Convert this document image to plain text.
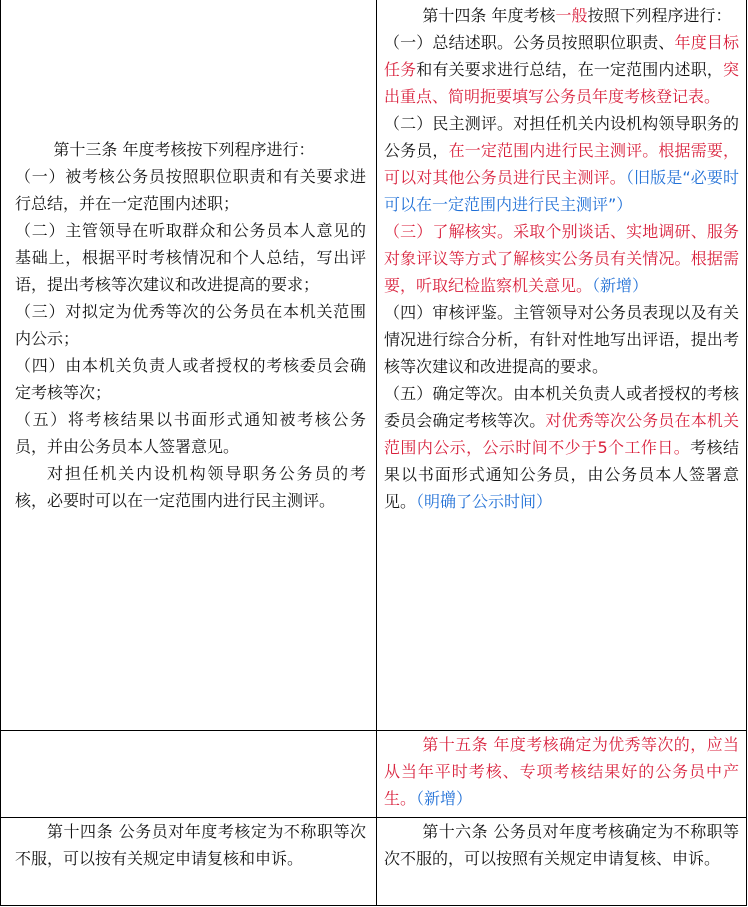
第十三条 年度考核按下列程序进行：

（一）被考核公务员按照职位职责和有关要求进行总结，并在一定范围内述职；

（二）主管领导在听取群众和公务员本人意见的基础上，根据平时考核情况和个人总结，写出评语，提出考核等次建议和改进提高的要求；

（三）对拟定为优秀等次的公务员在本机关范围内公示；

（四）由本机关负责人或者授权的考核委员会确定考核等次；

（五）将考核结果以书面形式通知被考核公务员，并由公务员本人签署意见。

对担任机关内设机构领导职务公务员的考核，必要时可以在一定范围内进行民主测评。

第十四条 公务员对年度考核定为不称职等次不服，可以按有关规定申请复核和申诉。

第十四条 年度考核一般按照下列程序进行：

（一）总结述职。公务员按照职位职责、年度目标任务和有关要求进行总结，在一定范围内述职，突出重点、简明扼要填写公务员年度考核登记表。

（二）民主测评。对担任机关内设机构领导职务的公务员，在一定范围内进行民主测评。根据需要，可以对其他公务员进行民主测评。（旧版是“必要时可以在一定范围内进行民主测评”）

（三）了解核实。采取个别谈话、实地调研、服务对象评议等方式了解核实公务员有关情况。根据需要，听取纪检监察机关意见。（新增）

（四）审核评鉴。主管领导对公务员表现以及有关情况进行综合分析，有针对性地写出评语，提出考核等次建议和改进提高的要求。

（五）确定等次。由本机关负责人或者授权的考核委员会确定考核等次。对优秀等次公务员在本机关范围内公示，公示时间不少于5个工作日。考核结果以书面形式通知公务员，由公务员本人签署意见。（明确了公示时间）

第十五条 年度考核确定为优秀等次的，应当从当年平时考核、专项考核结果好的公务员中产生。（新增）

第十六条 公务员对年度考核确定为不称职等次不服的，可以按照有关规定申请复核、申诉。
